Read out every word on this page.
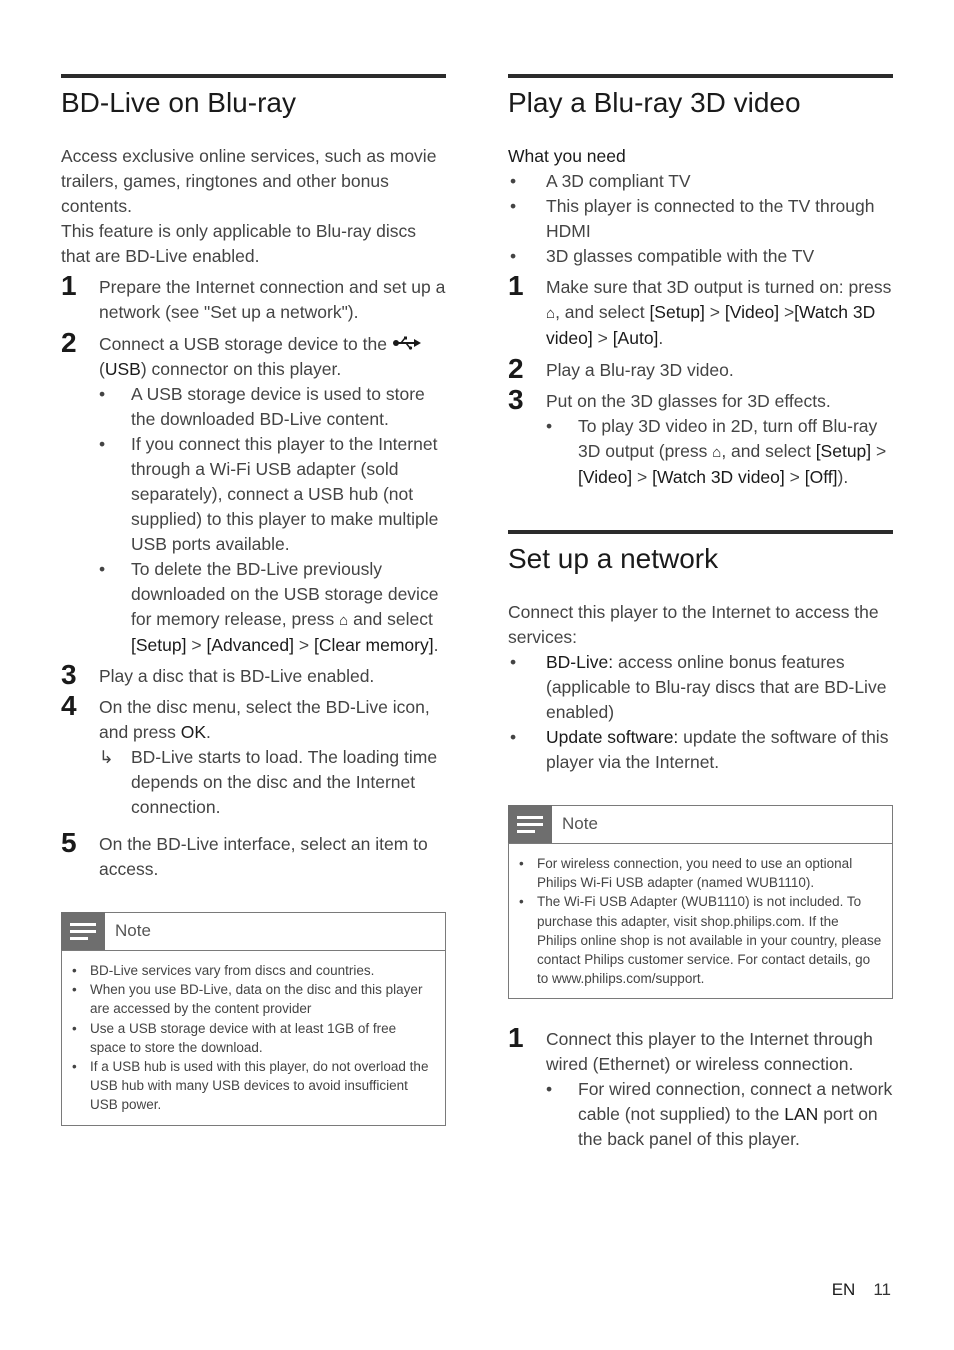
BD-Live on Blu-ray

Access exclusive online services, such as movie trailers, games, ringtones and other bonus contents.

This feature is only applicable to Blu-ray discs that are BD-Live enabled.

1 Prepare the Internet connection and set up a network (see "Set up a network").
2 Connect a USB storage device to the
(USB) connector on this player.
• A USB storage device is used to store the downloaded BD-Live content.
• If you connect this player to the Internet through a Wi-Fi USB adapter (sold separately), connect a USB hub (not supplied) to this player to make multiple USB ports available.
• To delete the BD-Live previously downloaded on the USB storage device for memory release, press ⌂ and select [Setup] > [Advanced] > [Clear memory].
3 Play a disc that is BD-Live enabled.
4 On the disc menu, select the BD-Live icon, and press OK.
↳ BD-Live starts to load. The loading time depends on the disc and the Internet connection.
5 On the BD-Live interface, select an item to access.
Note
• BD-Live services vary from discs and countries.
• When you use BD-Live, data on the disc and this player are accessed by the content provider
• Use a USB storage device with at least 1GB of free space to store the download.
• If a USB hub is used with this player, do not overload the USB hub with many USB devices to avoid insufficient USB power.
Play a Blu-ray 3D video

What you need

• A 3D compliant TV
• This player is connected to the TV through HDMI
• 3D glasses compatible with the TV
1 Make sure that 3D output is turned on: press ⌂, and select [Setup] > [Video] >[Watch 3D video] > [Auto].
2 Play a Blu-ray 3D video.
3 Put on the 3D glasses for 3D effects.
• To play 3D video in 2D, turn off Blu-ray 3D output (press ⌂, and select [Setup] > [Video] > [Watch 3D video] > [Off]).
Set up a network

Connect this player to the Internet to access the services:

• BD-Live: access online bonus features (applicable to Blu-ray discs that are BD-Live enabled)
• Update software: update the software of this player via the Internet.
Note
• For wireless connection, you need to use an optional Philips Wi-Fi USB adapter (named WUB1110).
• The Wi-Fi USB Adapter (WUB1110) is not included. To purchase this adapter, visit shop.philips.com. If the Philips online shop is not available in your country, please contact Philips customer service. For contact details, go to www.philips.com/support.
1 Connect this player to the Internet through wired (Ethernet) or wireless connection.
• For wired connection, connect a network cable (not supplied) to the LAN port on the back panel of this player.
EN 11
